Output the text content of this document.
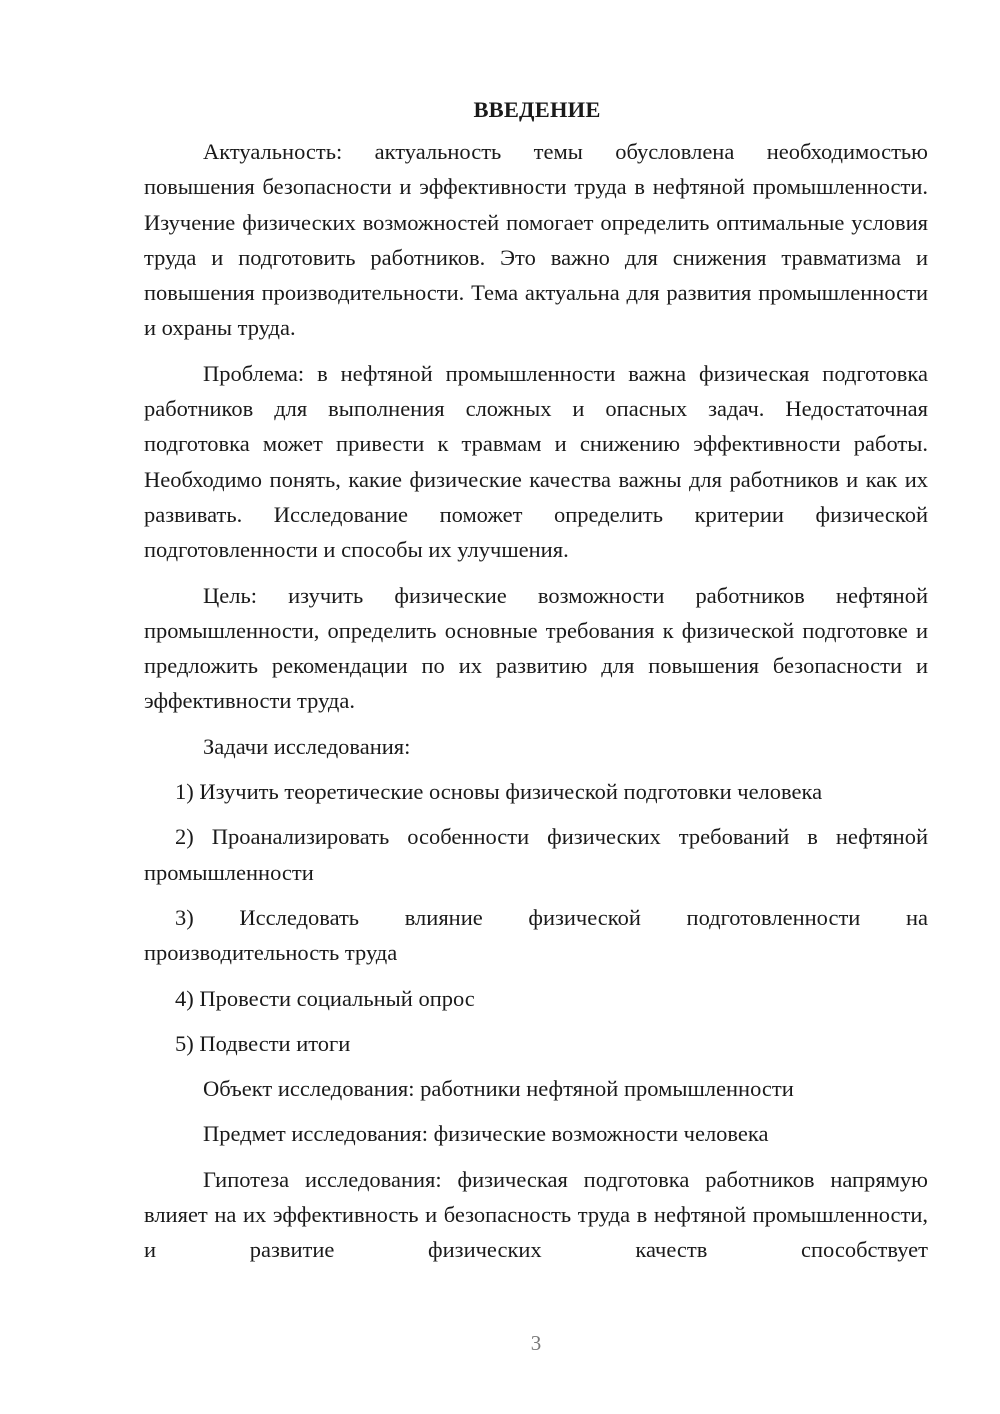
ВВЕДЕНИЕ

Актуальность: актуальность темы обусловлена необходимостью повышения безопасности и эффективности труда в нефтяной промышленности. Изучение физических возможностей помогает определить оптимальные условия труда и подготовить работников. Это важно для снижения травматизма и повышения производительности. Тема актуальна для развития промышленности и охраны труда.

Проблема: в нефтяной промышленности важна физическая подготовка работников для выполнения сложных и опасных задач. Недостаточная подготовка может привести к травмам и снижению эффективности работы. Необходимо понять, какие физические качества важны для работников и как их развивать. Исследование поможет определить критерии физической подготовленности и способы их улучшения.

Цель: изучить физические возможности работников нефтяной промышленности, определить основные требования к физической подготовке и предложить рекомендации по их развитию для повышения безопасности и эффективности труда.

Задачи исследования:

1) Изучить теоретические основы физической подготовки человека

2) Проанализировать особенности физических требований в нефтяной промышленности

3) Исследовать влияние физической подготовленности на производительность труда

4) Провести социальный опрос

5) Подвести итоги

Объект исследования: работники нефтяной промышленности

Предмет исследования: физические возможности человека

Гипотеза исследования: физическая подготовка работников напрямую влияет на их эффективность и безопасность труда в нефтяной промышленности, и развитие физических качеств способствует

3
